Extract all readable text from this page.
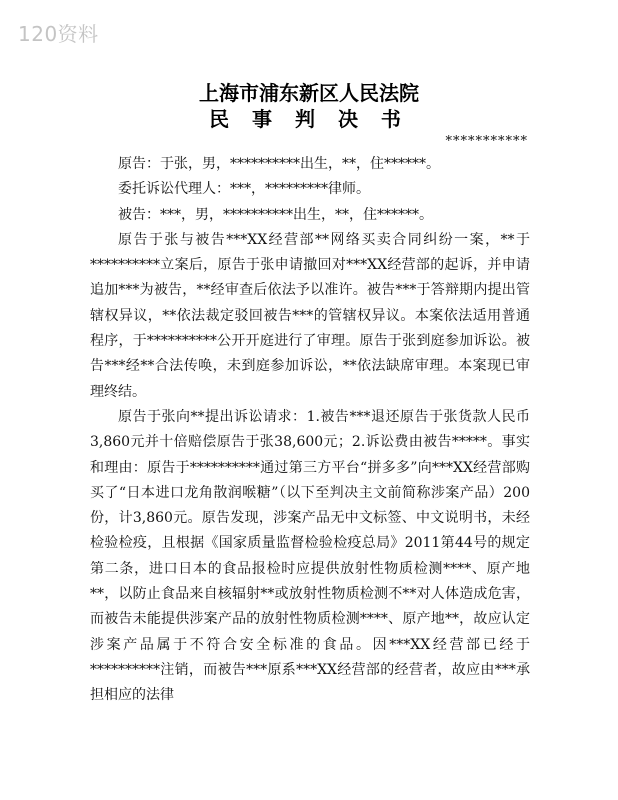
120资料
上海市浦东新区人民法院
民 事 判 决 书
***********

原告：于张，男，**********出生，**，住******。

委托诉讼代理人：***，*********律师。

被告：***，男，**********出生，**，住******。

原告于张与被告***XX经营部**网络买卖合同纠纷一案，**于**********立案后，原告于张申请撤回对***XX经营部的起诉，并申请追加***为被告，**经审查后依法予以准许。被告***于答辩期内提出管辖权异议，**依法裁定驳回被告***的管辖权异议。本案依法适用普通程序，于**********公开开庭进行了审理。原告于张到庭参加诉讼。被告***经**合法传唤，未到庭参加诉讼，**依法缺席审理。本案现已审理终结。

原告于张向**提出诉讼请求：1.被告***退还原告于张货款人民币3,860元并十倍赔偿原告于张38,600元；2.诉讼费由被告*****。事实和理由：原告于**********通过第三方平台“拼多多”向***XX经营部购买了“日本进口龙角散润喉糖”（以下至判决主文前简称涉案产品）200份，计3,860元。原告发现，涉案产品无中文标签、中文说明书，未经检验检疫，且根据《国家质量监督检验检疫总局》2011第44号的规定第二条，进口日本的食品报检时应提供放射性物质检测****、原产地**，以防止食品来自核辐射**或放射性物质检测不**对人体造成危害，而被告未能提供涉案产品的放射性物质检测****、原产地**，故应认定涉案产品属于不符合安全标准的食品。因***XX经营部已经于**********注销，而被告***原系***XX经营部的经营者，故应由***承担相应的法律
